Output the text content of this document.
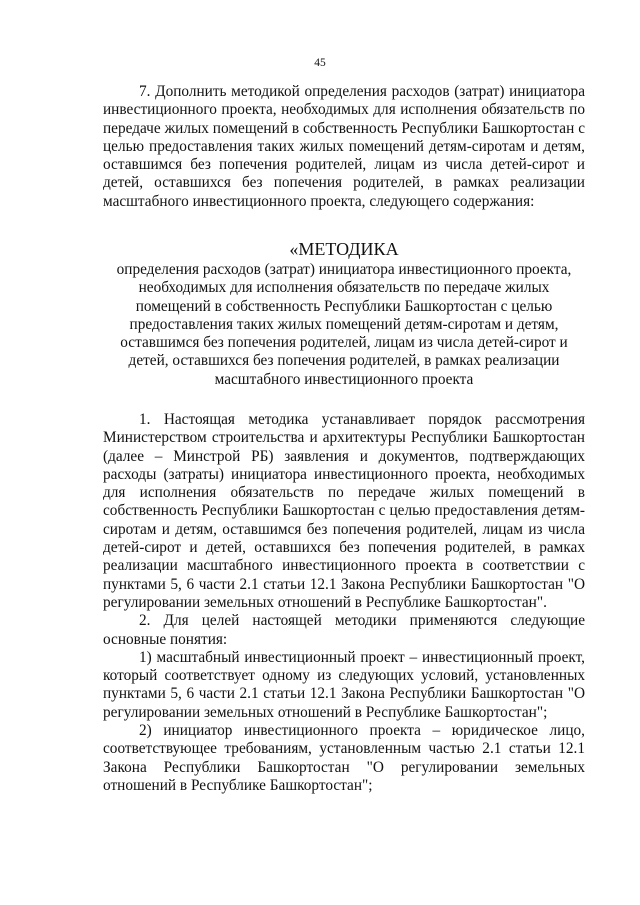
45

7. Дополнить методикой определения расходов (затрат) инициатора инвестиционного проекта, необходимых для исполнения обязательств по передаче жилых помещений в собственность Республики Башкортостан с целью предоставления таких жилых помещений детям-сиротам и детям, оставшимся без попечения родителей, лицам из числа детей-сирот и детей, оставшихся без попечения родителей, в рамках реализации масштабного инвестиционного проекта, следующего содержания:

«МЕТОДИКА

определения расходов (затрат) инициатора инвестиционного проекта, необходимых для исполнения обязательств по передаче жилых помещений в собственность Республики Башкортостан с целью предоставления таких жилых помещений детям-сиротам и детям, оставшимся без попечения родителей, лицам из числа детей-сирот и детей, оставшихся без попечения родителей, в рамках реализации масштабного инвестиционного проекта

1. Настоящая методика устанавливает порядок рассмотрения Министерством строительства и архитектуры Республики Башкортостан (далее – Минстрой РБ) заявления и документов, подтверждающих расходы (затраты) инициатора инвестиционного проекта, необходимых для исполнения обязательств по передаче жилых помещений в собственность Республики Башкортостан с целью предоставления детям-сиротам и детям, оставшимся без попечения родителей, лицам из числа детей-сирот и детей, оставшихся без попечения родителей, в рамках реализации масштабного инвестиционного проекта в соответствии с пунктами 5, 6 части 2.1 статьи 12.1 Закона Республики Башкортостан "О регулировании земельных отношений в Республике Башкортостан".

2. Для целей настоящей методики применяются следующие основные понятия:

1) масштабный инвестиционный проект – инвестиционный проект, который соответствует одному из следующих условий, установленных пунктами 5, 6 части 2.1 статьи 12.1 Закона Республики Башкортостан "О регулировании земельных отношений в Республике Башкортостан";

2) инициатор инвестиционного проекта – юридическое лицо, соответствующее требованиям, установленным частью 2.1 статьи 12.1 Закона Республики Башкортостан "О регулировании земельных отношений в Республике Башкортостан";
